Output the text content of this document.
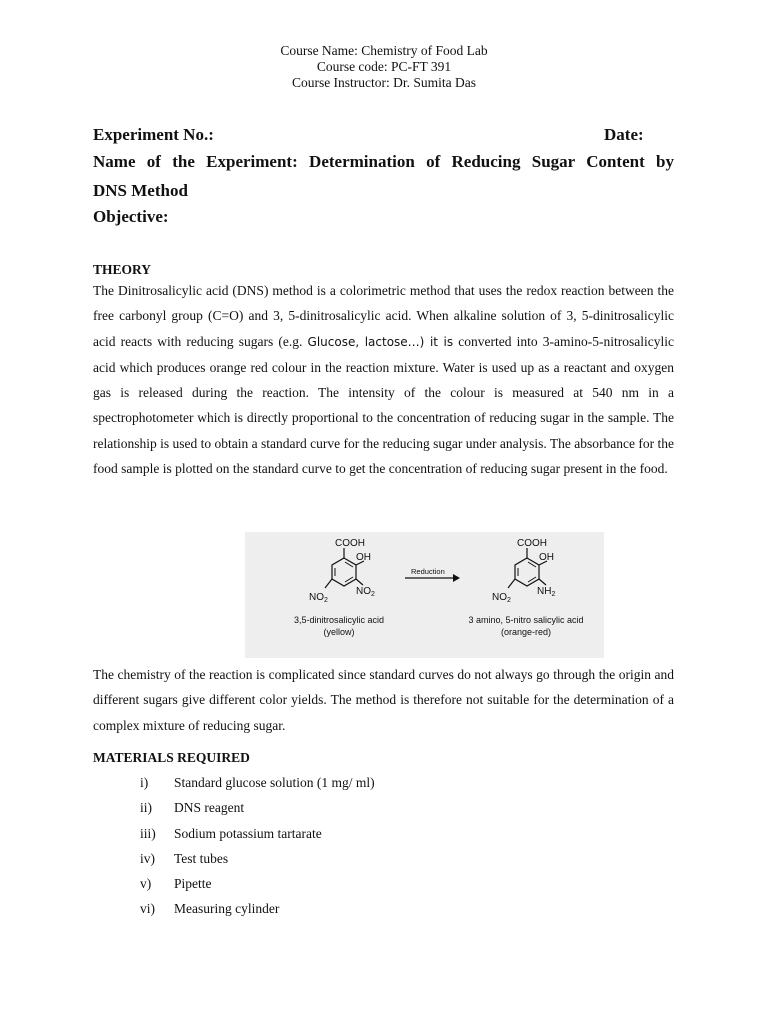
Course Name: Chemistry of Food Lab
Course code: PC-FT 391
Course Instructor: Dr. Sumita Das
Experiment No.:	Date:
Name of the Experiment: Determination of Reducing Sugar Content by
DNS Method
Objective:
THEORY
The Dinitrosalicylic acid (DNS) method is a colorimetric method that uses the redox reaction between the free carbonyl group (C=O) and 3, 5-dinitrosalicylic acid. When alkaline solution of 3, 5-dinitrosalicylic acid reacts with reducing sugars (e.g. Glucose, lactose…) it is converted into 3-amino-5-nitrosalicylic acid which produces orange red colour in the reaction mixture. Water is used up as a reactant and oxygen gas is released during the reaction. The intensity of the colour is measured at 540 nm in a spectrophotometer which is directly proportional to the concentration of reducing sugar in the sample. The relationship is used to obtain a standard curve for the reducing sugar under analysis. The absorbance for the food sample is plotted on the standard curve to get the concentration of reducing sugar present in the food.
COOH
OH
$NO_2$
$NO_2$
Reduction
COOH
OH
$NH_2$
$NO_2$
3,5-dinitrosalicylic acid
(yellow)
3 amino, 5-nitro salicylic acid
(orange-red)
The chemistry of the reaction is complicated since standard curves do not always go through the origin and different sugars give different color yields. The method is therefore not suitable for the determination of a complex mixture of reducing sugar.
MATERIALS REQUIRED
i) Standard glucose solution (1 mg/ ml)
ii) DNS reagent
iii) Sodium potassium tartarate
iv) Test tubes
v) Pipette
vi) Measuring cylinder
